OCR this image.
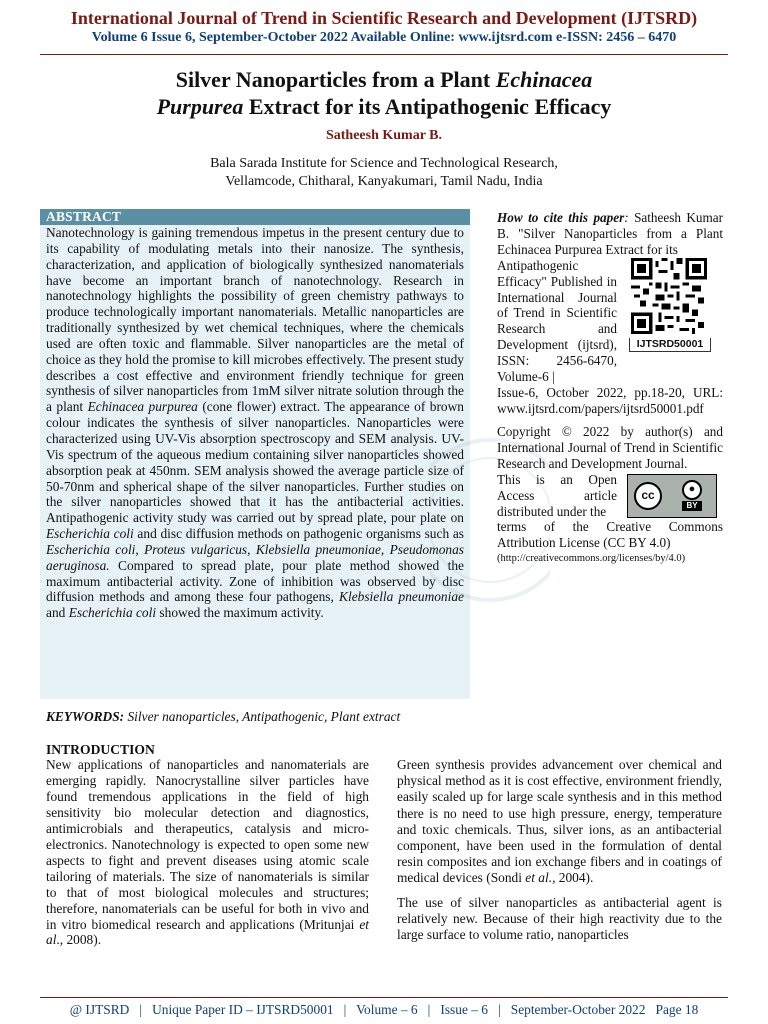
International Journal of Trend in Scientific Research and Development (IJTSRD)
Volume 6 Issue 6, September-October 2022 Available Online: www.ijtsrd.com e-ISSN: 2456 – 6470
Silver Nanoparticles from a Plant Echinacea
Purpurea Extract for its Antipathogenic Efficacy
Satheesh Kumar B.
Bala Sarada Institute for Science and Technological Research,
Vellamcode, Chitharal, Kanyakumari, Tamil Nadu, India
ABSTRACT
Nanotechnology is gaining tremendous impetus in the present century due to its capability of modulating metals into their nanosize. The synthesis, characterization, and application of biologically synthesized nanomaterials have become an important branch of nanotechnology. Research in nanotechnology highlights the possibility of green chemistry pathways to produce technologically important nanomaterials. Metallic nanoparticles are traditionally synthesized by wet chemical techniques, where the chemicals used are often toxic and flammable. Silver nanoparticles are the metal of choice as they hold the promise to kill microbes effectively. The present study describes a cost effective and environment friendly technique for green synthesis of silver nanoparticles from 1mM silver nitrate solution through the a plant Echinacea purpurea (cone flower) extract. The appearance of brown colour indicates the synthesis of silver nanoparticles. Nanoparticles were characterized using UV-Vis absorption spectroscopy and SEM analysis. UV-Vis spectrum of the aqueous medium containing silver nanoparticles showed absorption peak at 450nm. SEM analysis showed the average particle size of 50-70nm and spherical shape of the silver nanoparticles. Further studies on the silver nanoparticles showed that it has the antibacterial activities. Antipathogenic activity study was carried out by spread plate, pour plate on Escherichia coli and disc diffusion methods on pathogenic organisms such as Escherichia coli, Proteus vulgaricus, Klebsiella pneumoniae, Pseudomonas aeruginosa. Compared to spread plate, pour plate method showed the maximum antibacterial activity. Zone of inhibition was observed by disc diffusion methods and among these four pathogens, Klebsiella pneumoniae and Escherichia coli showed the maximum activity.
KEYWORDS: Silver nanoparticles, Antipathogenic, Plant extract
How to cite this paper: Satheesh Kumar B. "Silver Nanoparticles from a Plant Echinacea Purpurea Extract for its
Antipathogenic Efficacy" Published in International Journal of Trend in Scientific Research and Development (ijtsrd), ISSN: 2456-6470, Volume-6 |
IJTSRD50001
Issue-6, October 2022, pp.18-20, URL: www.ijtsrd.com/papers/ijtsrd50001.pdf
Copyright © 2022 by author(s) and International Journal of Trend in Scientific Research and Development Journal.
This is an Open Access article distributed under the
cc	●
BY
terms of the Creative Commons Attribution License (CC BY 4.0)
(http://creativecommons.org/licenses/by/4.0)
INTRODUCTION

New applications of nanoparticles and nanomaterials are emerging rapidly. Nanocrystalline silver particles have found tremendous applications in the field of high sensitivity bio molecular detection and diagnostics, antimicrobials and therapeutics, catalysis and micro-electronics. Nanotechnology is expected to open some new aspects to fight and prevent diseases using atomic scale tailoring of materials. The size of nanomaterials is similar to that of most biological molecules and structures; therefore, nanomaterials can be useful for both in vivo and in vitro biomedical research and applications (Mritunjai et al., 2008).

Green synthesis provides advancement over chemical and physical method as it is cost effective, environment friendly, easily scaled up for large scale synthesis and in this method there is no need to use high pressure, energy, temperature and toxic chemicals. Thus, silver ions, as an antibacterial component, have been used in the formulation of dental resin composites and ion exchange fibers and in coatings of medical devices (Sondi et al., 2004).

The use of silver nanoparticles as antibacterial agent is relatively new. Because of their high reactivity due to the large surface to volume ratio, nanoparticles

@ IJTSRD   |   Unique Paper ID – IJTSRD50001   |   Volume – 6   |   Issue – 6   |   September-October 2022   Page 18
